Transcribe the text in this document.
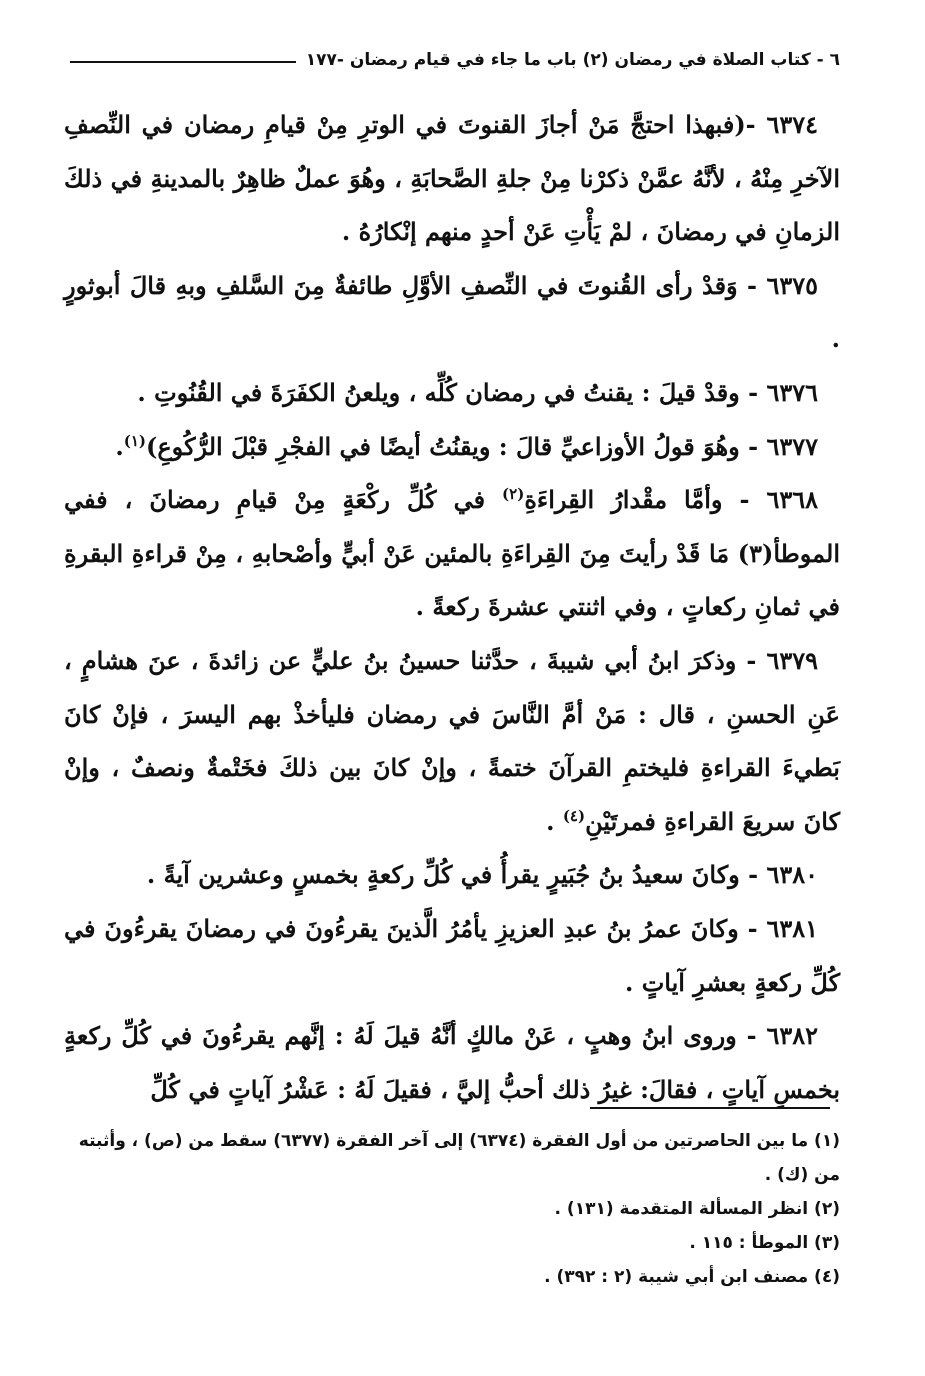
٦ - كتاب الصلاة في رمضان (٢) باب ما جاء في قيام رمضان -١٧٧

٦٣٧٤ -(فبهذا احتجَّ مَنْ أجازَ القنوتَ في الوترِ مِنْ قيامِ رمضان في النِّصفِ الآخرِ مِنْهُ ، لأنَّهُ عمَّنْ ذكرْنا مِنْ جلةِ الصَّحابَةِ ، وهُوَ عملٌ ظاهِرٌ بالمدينةِ في ذلكَ الزمانِ في رمضانَ ، لمْ يَأْتِ عَنْ أحدٍ منهم إنْكارُهُ .

٦٣٧٥ - وَقدْ رأى القُنوتَ في النِّصفِ الأوَّلِ طائفةٌ مِنَ السَّلفِ وبهِ قالَ أبوثورٍ .

٦٣٧٦ - وقدْ قيلَ : يقنتُ في رمضان كُلِّه ، ويلعنُ الكفَرَةَ في القُنُوتِ .

٦٣٧٧ - وهُوَ قولُ الأوزاعيِّ قالَ : ويقنُتُ أيضًا في الفجْرِ قبْلَ الرُّكُوعِ)$^{(١)}$.

٦٣٦٨ - وأمَّا مقْدارُ القِراءَةِ$^{(٢)}$ في كُلِّ ركْعَةٍ مِنْ قيامِ رمضانَ ، ففي الموطأ(٣) مَا قَدْ رأيتَ مِنَ القِراءَةِ بالمئين عَنْ أبيٍّ وأصْحابهِ ، مِنْ قراءةِ البقرةِ في ثمانِ ركعاتٍ ، وفي اثنتي عشرةَ ركعةً .

٦٣٧٩ - وذكرَ ابنُ أبي شيبةَ ، حدَّثنا حسينُ بنُ عليٍّ عن زائدةَ ، عنَ هشامٍ ، عَنِ الحسنِ ، قال : مَنْ أمَّ النَّاسَ في رمضان فليأخذْ بهم اليسرَ ، فإنْ كانَ بَطيءَ القراءةِ فليختمِ القرآنَ ختمةً ، وإنْ كانَ بين ذلكَ فخَتْمةٌ ونصفٌ ، وإنْ كانَ سريعَ القراءةِ فمرتَيْنِ$^{(٤)}$ .

٦٣٨٠ - وكانَ سعيدُ بنُ جُبَيرٍ يقرأُ في كُلِّ ركعةٍ بخمسٍ وعشرين آيةً .

٦٣٨١ - وكانَ عمرُ بنُ عبدِ العزيزِ يأمُرُ الَّذينَ يقرءُونَ في رمضانَ يقرءُونَ في كُلِّ ركعةٍ بعشرِ آياتٍ .

٦٣٨٢ - وروى ابنُ وهبٍ ، عَنْ مالكٍ أنَّهُ قيلَ لَهُ : إنَّهم يقرءُونَ في كُلِّ ركعةٍ بخمسِ آياتٍ ، فقالَ: غيرُ ذلك أحبُّ إليَّ ، فقيلَ لَهُ : عَشْرُ آياتٍ في كُلِّ

(١) ما بين الحاصرتين من أول الفقرة (٦٣٧٤) إلى آخر الفقرة (٦٣٧٧) سقط من (ص) ، وأثبته من (ك) .

(٢) انظر المسألة المتقدمة (١٣١) .

(٣) الموطأ : ١١٥ .

(٤) مصنف ابن أبي شيبة (٢ : ٣٩٢) .
